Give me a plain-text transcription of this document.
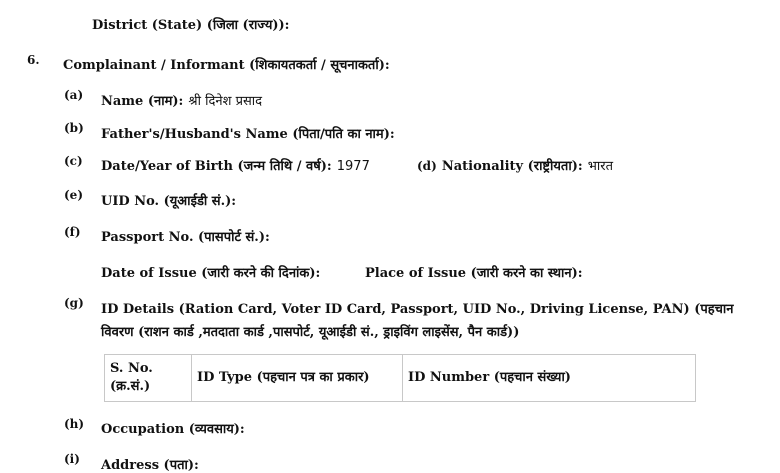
District (State) (जिला (राज्य)):
6. Complainant / Informant (शिकायतकर्ता / सूचनाकर्ता):
(a) Name (नाम): श्री दिनेश प्रसाद
(b) Father's/Husband's Name (पिता/पति का नाम):
(c) Date/Year of Birth (जन्म तिथि / वर्ष): 1977	(d) Nationality (राष्ट्रीयता): भारत
(e) UID No. (यूआईडी सं.):
(f) Passport No. (पासपोर्ट सं.):
Date of Issue (जारी करने की दिनांक):	Place of Issue (जारी करने का स्थान):
(g) ID Details (Ration Card, Voter ID Card, Passport, UID No., Driving License, PAN) (पहचान
विवरण (राशन कार्ड ,मतदाता कार्ड ,पासपोर्ट, यूआईडी सं., ड्राइविंग लाइसेंस, पैन कार्ड))
S. No.
(क्र.सं.)
	ID Type (पहचान पत्र का प्रकार)	ID Number (पहचान संख्या)
(h) Occupation (व्यवसाय):
(i) Address (पता):
